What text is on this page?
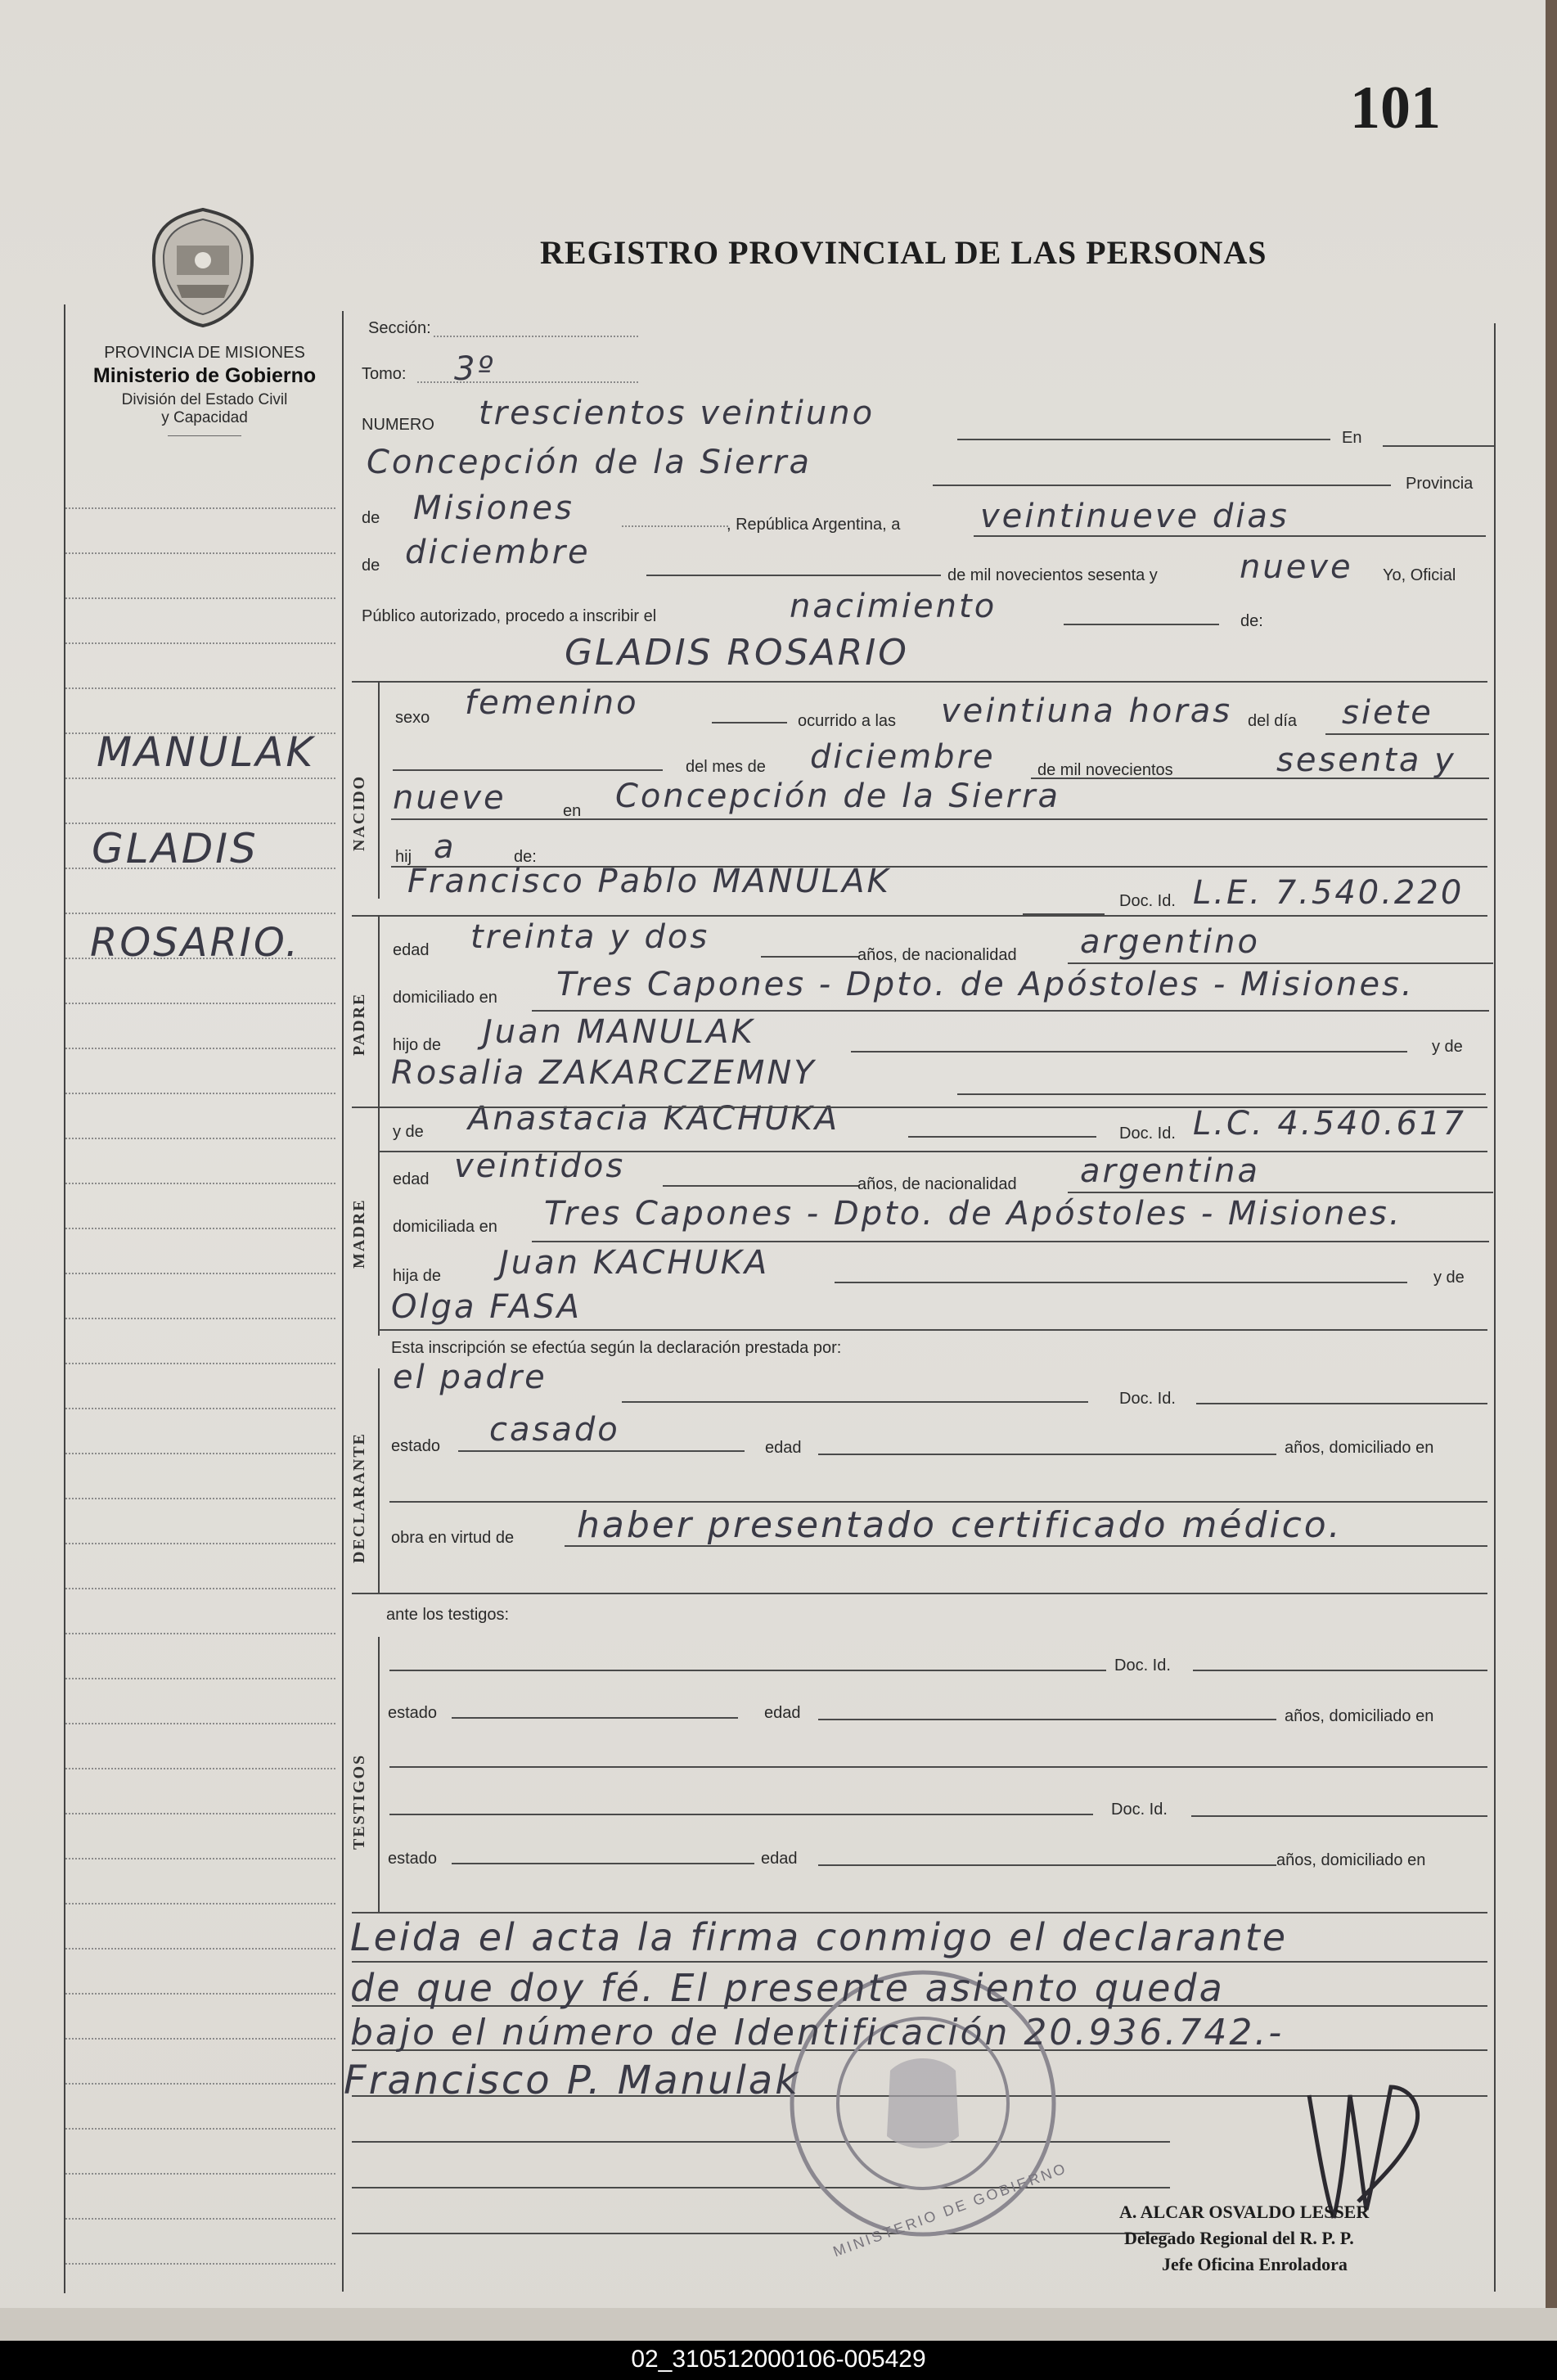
101
PROVINCIA DE MISIONES
Ministerio de Gobierno
División del Estado Civil
y Capacidad
REGISTRO PROVINCIAL DE LAS PERSONAS
MANULAK
GLADIS
ROSARIO.
Sección:
Tomo: 3º
NUMERO trescientos veintiuno
En
Concepción de la Sierra
Provincia
de Misiones	, República Argentina, a veintinueve dias
de diciembre
de mil novecientos sesenta y	nueve Yo, Oficial
Público autorizado, procedo a inscribir el	nacimiento	de:
GLADIS ROSARIO
NACIDO
sexo femenino	ocurrido a las veintiuna horas del día siete
del mes de diciembre	de mil novecientos	sesenta y
nueve	en Concepción de la Sierra
hij a	de:
Francisco Pablo MANULAK
Doc. Id. L.E. 7.540.220
PADRE
edad treinta y dos	años, de nacionalidad argentino
domiciliado en Tres Capones - Dpto. de Apóstoles - Misiones.
hijo de Juan MANULAK	y de
Rosalia ZAKARCZEMNY
y de Anastacia KACHUKA	Doc. Id. L.C. 4.540.617
MADRE
edad veintidos	años, de nacionalidad argentina
domiciliada en Tres Capones - Dpto. de Apóstoles - Misiones.
hija de Juan KACHUKA	y de
Olga FASA
Esta inscripción se efectúa según la declaración prestada por:
DECLARANTE
el padre
Doc. Id.
estado casado	edad	años, domiciliado en
obra en virtud de haber presentado certificado médico.
ante los testigos:
TESTIGOS
Doc. Id.
estado	edad	años, domiciliado en
Doc. Id.
estado	edad	años, domiciliado en
MINISTERIO DE GOBIERNO
Leida el acta la firma conmigo el declarante
de que doy fé. El presente asiento queda
bajo el número de Identificación 20.936.742.-
Francisco P. Manulak
A. ALCAR OSVALDO LESSER
Delegado Regional del R. P. P.
Jefe Oficina Enroladora
02_310512000106-005429
